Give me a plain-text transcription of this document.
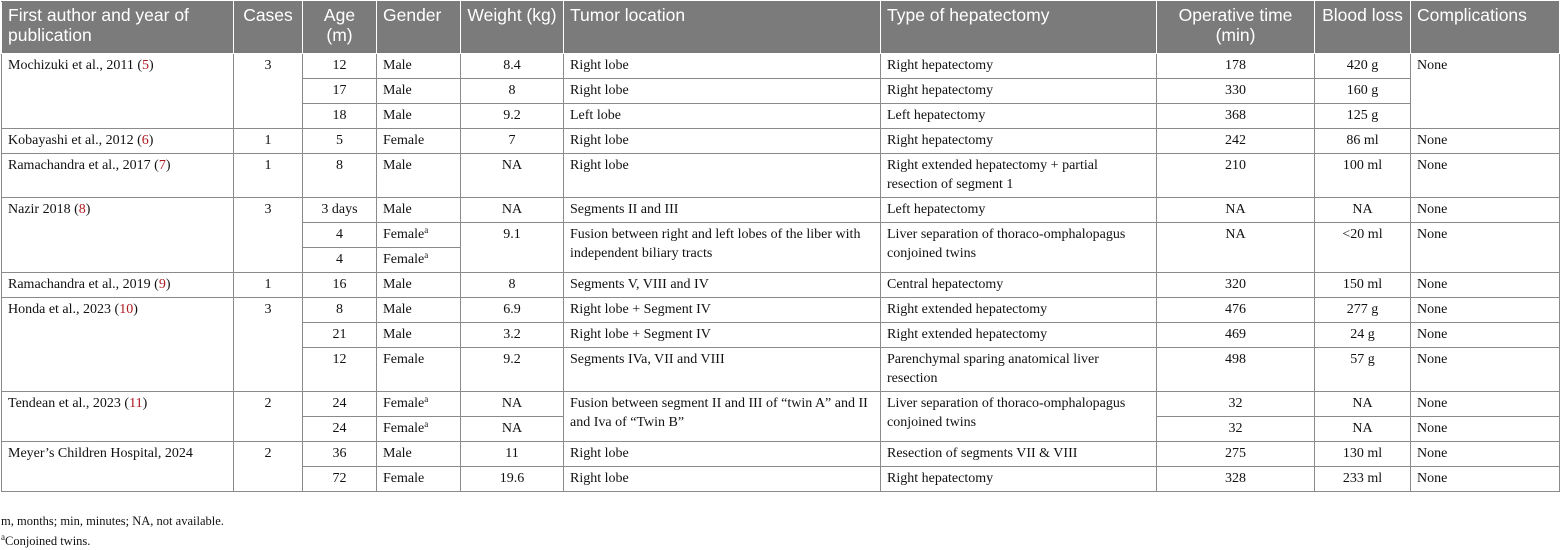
First author and year of publication	Cases	Age (m)	Gender	Weight (kg)	Tumor location	Type of hepatectomy	Operative time (min)	Blood loss	Complications
Mochizuki et al., 2011 (5)	3	12	Male	8.4	Right lobe	Right hepatectomy	178	420 g	None
		17	Male	8	Right lobe	Right hepatectomy	330	160 g	
		18	Male	9.2	Left lobe	Left hepatectomy	368	125 g	
Kobayashi et al., 2012 (6)	1	5	Female	7	Right lobe	Right hepatectomy	242	86 ml	None
Ramachandra et al., 2017 (7)	1	8	Male	NA	Right lobe	Right extended hepatectomy + partial resection of segment 1	210	100 ml	None
Nazir 2018 (8)	3	3 days	Male	NA	Segments II and III	Left hepatectomy	NA	NA	None
		4	Female$^a$	9.1	Fusion between right and left lobes of the liber with independent biliary tracts	Liver separation of thoraco-omphalopagus conjoined twins	NA	<20 ml	None
		4	Female$^a$
Ramachandra et al., 2019 (9)	1	16	Male	8	Segments V, VIII and IV	Central hepatectomy	320	150 ml	None
Honda et al., 2023 (10)	3	8	Male	6.9	Right lobe + Segment IV	Right extended hepatectomy	476	277 g	None
		21	Male	3.2	Right lobe + Segment IV	Right extended hepatectomy	469	24 g	None
		12	Female	9.2	Segments IVa, VII and VIII	Parenchymal sparing anatomical liver resection	498	57 g	None
Tendean et al., 2023 (11)	2	24	Female$^a$	NA	Fusion between segment II and III of “twin A” and II and Iva of “Twin B”	Liver separation of thoraco-omphalopagus conjoined twins	32	NA	None
		24	Female$^a$	NA			32	NA	None
Meyer’s Children Hospital, 2024	2	36	Male	11	Right lobe	Resection of segments VII & VIII	275	130 ml	None
		72	Female	19.6	Right lobe	Right hepatectomy	328	233 ml	None
m, months; min, minutes; NA, not available.
$^a$Conjoined twins.
